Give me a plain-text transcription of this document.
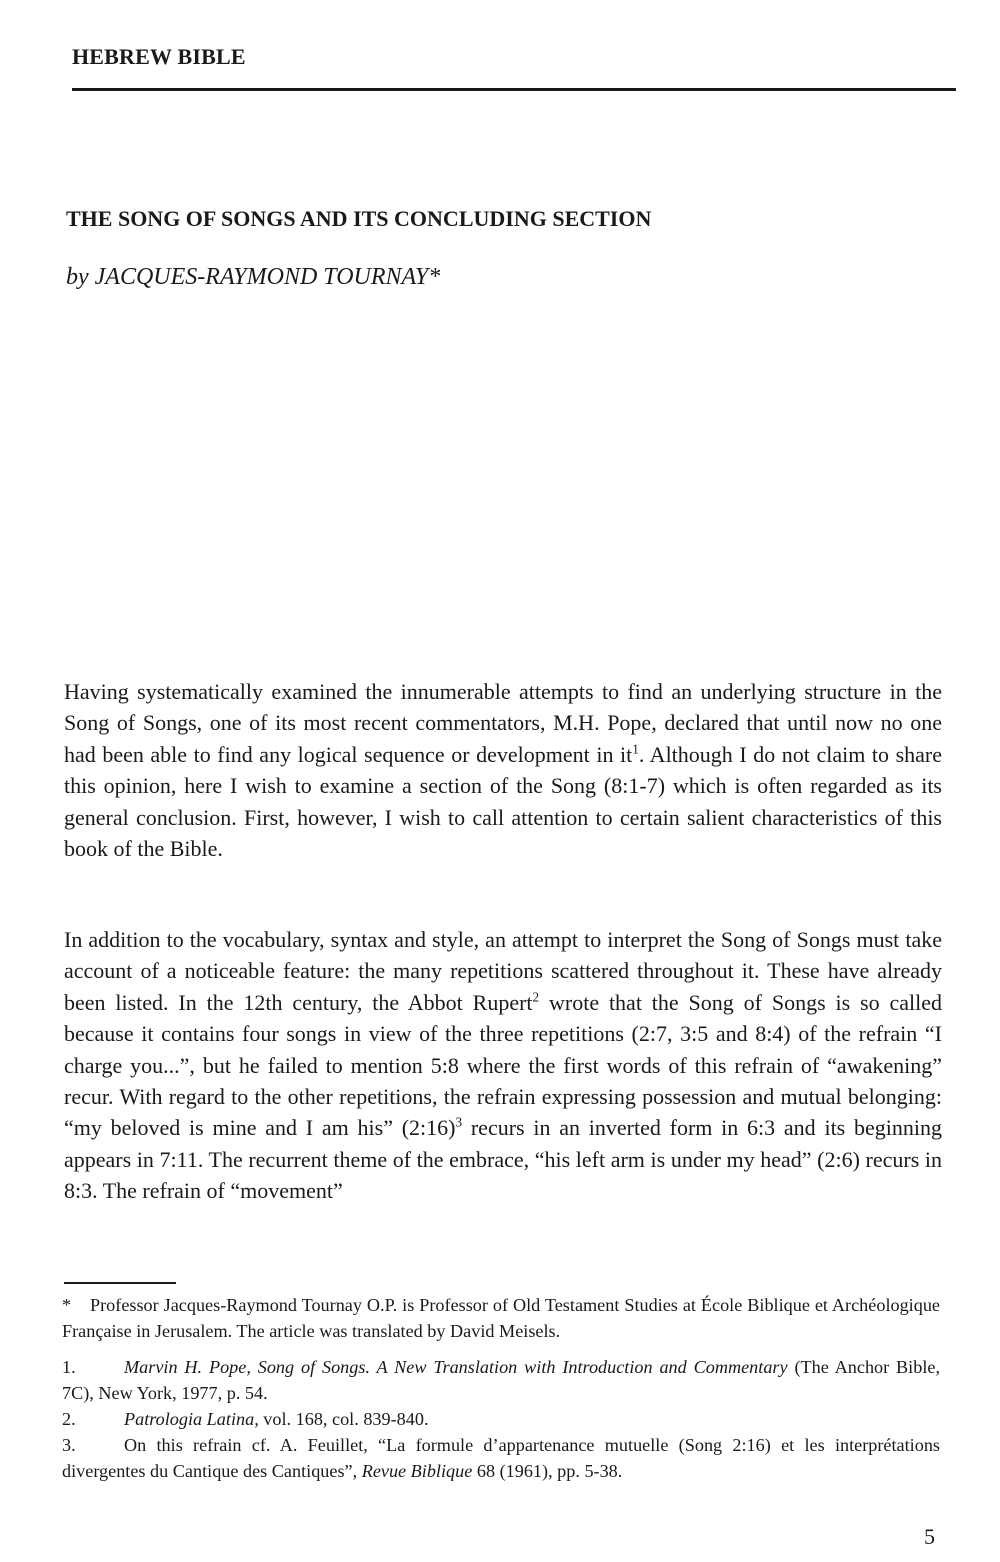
HEBREW BIBLE
THE SONG OF SONGS AND ITS CONCLUDING SECTION
by JACQUES-RAYMOND TOURNAY*

Having systematically examined the innumerable attempts to find an underlying structure in the Song of Songs, one of its most recent commentators, M.H. Pope, declared that until now no one had been able to find any logical sequence or development in $it^1$. Although I do not claim to share this opinion, here I wish to examine a section of the Song (8:1-7) which is often regarded as its general conclusion. First, however, I wish to call attention to certain salient characteristics of this book of the Bible.

In addition to the vocabulary, syntax and style, an attempt to interpret the Song of Songs must take account of a noticeable feature: the many repetitions scattered throughout it. These have already been listed. In the 12th century, the Abbot Rupert$^2$ wrote that the Song of Songs is so called because it contains four songs in view of the three repetitions (2:7, 3:5 and 8:4) of the refrain “I charge you...”, but he failed to mention 5:8 where the first words of this refrain of “awakening” recur. With regard to the other repetitions, the refrain expressing possession and mutual belonging: “my beloved is mine and I am his” (2:16)$^3$ recurs in an inverted form in 6:3 and its beginning appears in 7:11. The recurrent theme of the embrace, “his left arm is under my head” (2:6) recurs in 8:3. The refrain of “movement”

* Professor Jacques-Raymond Tournay O.P. is Professor of Old Testament Studies at École Biblique et Archéologique Française in Jerusalem. The article was translated by David Meisels.

1.	Marvin H. Pope, Song of Songs. A New Translation with Introduction and Commentary (The Anchor Bible, 7C), New York, 1977, p. 54.

2.	Patrologia Latina, vol. 168, col. 839-840.

3.	On this refrain cf. A. Feuillet, “La formule d’appartenance mutuelle (Song 2:16) et les interprétations divergentes du Cantique des Cantiques”, Revue Biblique 68 (1961), pp. 5-38.

5
